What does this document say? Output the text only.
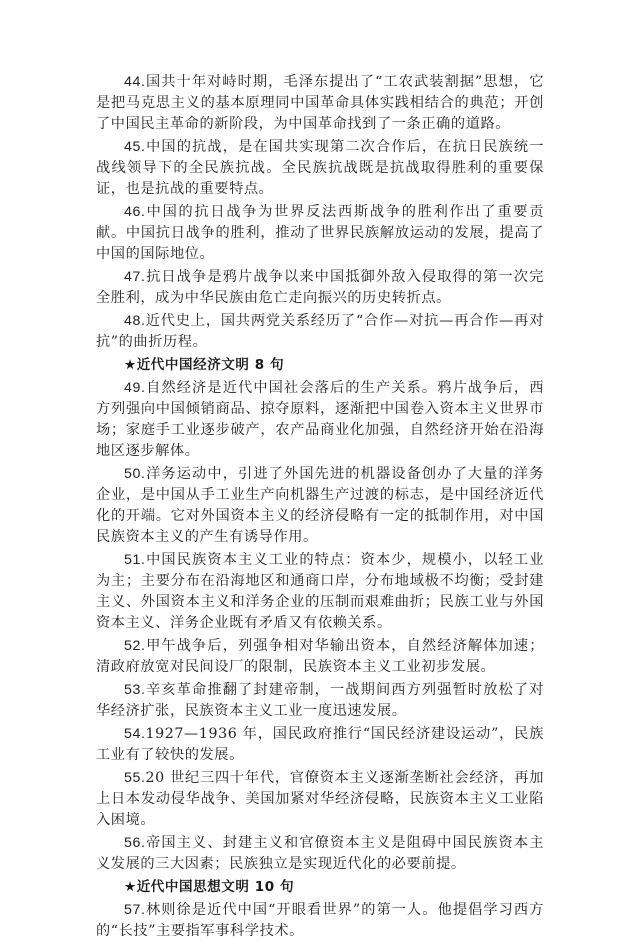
44.国共十年对峙时期，毛泽东提出了“工农武装割据”思想，它是把马克思主义的基本原理同中国革命具体实践相结合的典范；开创了中国民主革命的新阶段，为中国革命找到了一条正确的道路。

45.中国的抗战，是在国共实现第二次合作后，在抗日民族统一战线领导下的全民族抗战。全民族抗战既是抗战取得胜利的重要保证，也是抗战的重要特点。

46.中国的抗日战争为世界反法西斯战争的胜利作出了重要贡献。中国抗日战争的胜利，推动了世界民族解放运动的发展，提高了中国的国际地位。

47.抗日战争是鸦片战争以来中国抵御外敌入侵取得的第一次完全胜利，成为中华民族由危亡走向振兴的历史转折点。

48.近代史上，国共两党关系经历了“合作—对抗—再合作—再对抗”的曲折历程。

★近代中国经济文明 8 句

49.自然经济是近代中国社会落后的生产关系。鸦片战争后，西方列强向中国倾销商品、掠夺原料，逐渐把中国卷入资本主义世界市场；家庭手工业逐步破产，农产品商业化加强，自然经济开始在沿海地区逐步解体。

50.洋务运动中，引进了外国先进的机器设备创办了大量的洋务企业，是中国从手工业生产向机器生产过渡的标志，是中国经济近代化的开端。它对外国资本主义的经济侵略有一定的抵制作用，对中国民族资本主义的产生有诱导作用。

51.中国民族资本主义工业的特点：资本少，规模小，以轻工业为主；主要分布在沿海地区和通商口岸，分布地域极不均衡；受封建主义、外国资本主义和洋务企业的压制而艰难曲折；民族工业与外国资本主义、洋务企业既有矛盾又有依赖关系。

52.甲午战争后，列强争相对华输出资本，自然经济解体加速；清政府放宽对民间设厂的限制，民族资本主义工业初步发展。

53.辛亥革命推翻了封建帝制，一战期间西方列强暂时放松了对华经济扩张，民族资本主义工业一度迅速发展。

54.1927—1936 年，国民政府推行“国民经济建设运动”，民族工业有了较快的发展。

55.20 世纪三四十年代，官僚资本主义逐渐垄断社会经济，再加上日本发动侵华战争、美国加紧对华经济侵略，民族资本主义工业陷入困境。

56.帝国主义、封建主义和官僚资本主义是阻碍中国民族资本主义发展的三大因素；民族独立是实现近代化的必要前提。

★近代中国思想文明 10 句

57.林则徐是近代中国“开眼看世界”的第一人。他提倡学习西方的“长技”主要指军事科学技术。
